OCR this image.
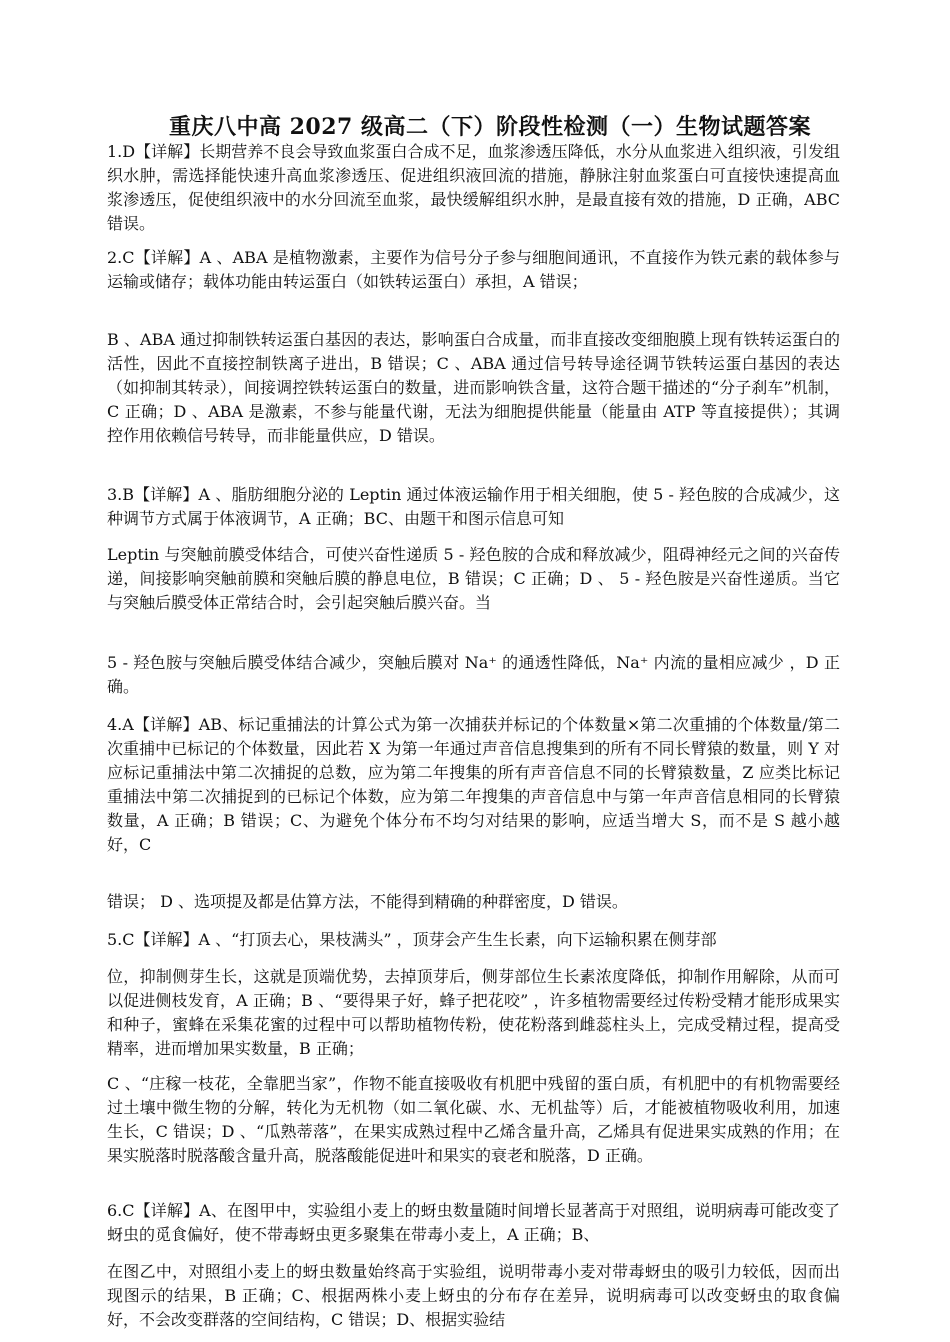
重庆八中高 2027 级高二（下）阶段性检测（一）生物试题答案
1.D【详解】长期营养不良会导致血浆蛋白合成不足，血浆渗透压降低，水分从血浆进入组织液，引发组织水肿，需选择能快速升高血浆渗透压、促进组织液回流的措施，静脉注射血浆蛋白可直接快速提高血浆渗透压，促使组织液中的水分回流至血浆，最快缓解组织水肿，是最直接有效的措施，D 正确，ABC 错误。
2.C【详解】A 、ABA 是植物激素，主要作为信号分子参与细胞间通讯，不直接作为铁元素的载体参与运输或储存；载体功能由转运蛋白（如铁转运蛋白）承担，A 错误；
B 、ABA 通过抑制铁转运蛋白基因的表达，影响蛋白合成量，而非直接改变细胞膜上现有铁转运蛋白的活性，因此不直接控制铁离子进出，B 错误；C 、ABA 通过信号转导途径调节铁转运蛋白基因的表达（如抑制其转录），间接调控铁转运蛋白的数量，进而影响铁含量，这符合题干描述的“分子刹车”机制，C 正确；D 、ABA 是激素，不参与能量代谢，无法为细胞提供能量（能量由 ATP 等直接提供）；其调控作用依赖信号转导，而非能量供应，D 错误。
3.B【详解】A 、脂肪细胞分泌的 Leptin 通过体液运输作用于相关细胞，使 5 - 羟色胺的合成减少，这种调节方式属于体液调节，A 正确；BC、由题干和图示信息可知
Leptin 与突触前膜受体结合，可使兴奋性递质 5 - 羟色胺的合成和释放减少，阻碍神经元之间的兴奋传递，间接影响突触前膜和突触后膜的静息电位，B 错误；C 正确；D 、 5 - 羟色胺是兴奋性递质。当它与突触后膜受体正常结合时，会引起突触后膜兴奋。当
5 - 羟色胺与突触后膜受体结合减少，突触后膜对 Na⁺ 的通透性降低，Na⁺ 内流的量相应减少 ，D 正确。
4.A【详解】AB、标记重捕法的计算公式为第一次捕获并标记的个体数量×第二次重捕的个体数量/第二次重捕中已标记的个体数量，因此若 X 为第一年通过声音信息搜集到的所有不同长臂猿的数量，则 Y 对应标记重捕法中第二次捕捉的总数，应为第二年搜集的所有声音信息不同的长臂猿数量，Z 应类比标记重捕法中第二次捕捉到的已标记个体数，应为第二年搜集的声音信息中与第一年声音信息相同的长臂猿数量，A 正确；B 错误；C、为避免个体分布不均匀对结果的影响，应适当增大 S，而不是 S 越小越好，C
错误； D 、选项提及都是估算方法，不能得到精确的种群密度，D 错误。
5.C【详解】A 、“打顶去心，果枝满头” ，顶芽会产生生长素，向下运输积累在侧芽部
位，抑制侧芽生长，这就是顶端优势，去掉顶芽后，侧芽部位生长素浓度降低，抑制作用解除，从而可以促进侧枝发育，A 正确；B 、“要得果子好，蜂子把花咬” ，许多植物需要经过传粉受精才能形成果实和种子，蜜蜂在采集花蜜的过程中可以帮助植物传粉，使花粉落到雌蕊柱头上，完成受精过程，提高受精率，进而增加果实数量，B 正确；
C 、“庄稼一枝花，全靠肥当家”，作物不能直接吸收有机肥中残留的蛋白质，有机肥中的有机物需要经过土壤中微生物的分解，转化为无机物（如二氧化碳、水、无机盐等）后，才能被植物吸收利用，加速生长，C 错误；D 、“瓜熟蒂落”，在果实成熟过程中乙烯含量升高，乙烯具有促进果实成熟的作用；在果实脱落时脱落酸含量升高，脱落酸能促进叶和果实的衰老和脱落，D 正确。
6.C【详解】A、在图甲中，实验组小麦上的蚜虫数量随时间增长显著高于对照组，说明病毒可能改变了蚜虫的觅食偏好，使不带毒蚜虫更多聚集在带毒小麦上，A 正确；B、
在图乙中，对照组小麦上的蚜虫数量始终高于实验组，说明带毒小麦对带毒蚜虫的吸引力较低，因而出现图示的结果，B 正确；C、根据两株小麦上蚜虫的分布存在差异，说明病毒可以改变蚜虫的取食偏好，不会改变群落的空间结构，C 错误；D、根据实验结
